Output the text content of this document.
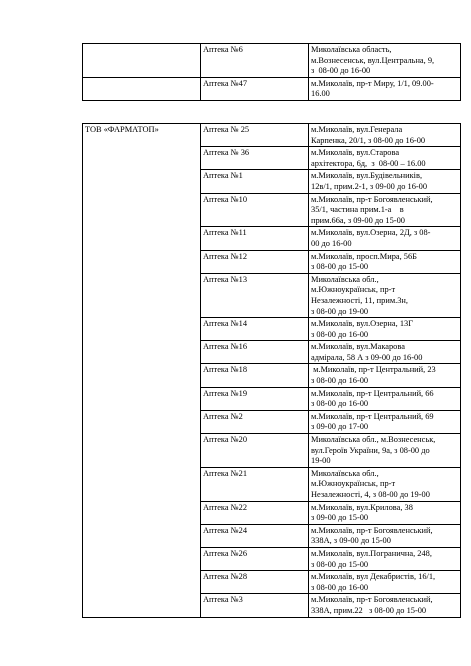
	Аптека №6	Миколаївська область,
м.Вознесенськ, вул.Центральна, 9,
з  08-00 до 16-00

	Аптека №47	м.Миколаїв, пр-т Миру, 1/1, 09.00-
16.00
ТОВ «ФАРМАТОП»	Аптека № 25	м.Миколаїв, вул.Генерала
Карпенка, 20/1, з 08-00 до 16-00

	Аптека № 36	м.Миколаїв, вул.Старова
архітектора, 6д,  з  08-00 – 16.00

	Аптека №1	м.Миколаїв, вул.Будівельників,
12в/1, прим.2-1, з 09-00 до 16-00

	Аптека №10	м.Миколаїв, пр-т Богоявленський,
35/1, частина прим.1-а    в
прим.66а, з 09-00 до 15-00

	Аптека №11	м.Миколаїв, вул.Озерна, 2Д, з 08-
00 до 16-00

	Аптека №12	м.Миколаїв, просп.Мира, 56Б
з 08-00 до 15-00

	Аптека №13	Миколаївська обл.,
м.Южноукраїнськ, пр-т
Незалежності, 11, прим.3н,
з 08-00 до 19-00

	Аптека №14	м.Миколаїв, вул.Озерна, 13Г
з 08-00 до 16-00

	Аптека №16	м.Миколаїв, вул.Макарова
адмірала, 58 А з 09-00 до 16-00

	Аптека №18	м.Миколаїв, пр-т Центральний, 23
з 08-00 до 16-00

	Аптека №19	м.Миколаїв, пр-т Центральний, 66
з 08-00 до 16-00

	Аптека №2	м.Миколаїв, пр-т Центральний, 69
з 09-00 до 17-00

	Аптека №20	Миколаївська обл., м.Вознесенськ,
вул.Героїв України, 9а, з 08-00 до
19-00

	Аптека №21	Миколаївська обл.,
м.Южноукраїнськ, пр-т
Незалежності, 4, з 08-00 до 19-00

	Аптека №22	м.Миколаїв, вул.Крилова, 38
з 09-00 до 15-00

	Аптека №24	м.Миколаїв, пр-т Богоявленський,
338А, з 09-00 до 15-00

	Аптека №26	м.Миколаїв, вул.Погранична, 248,
з 08-00 до 15-00

	Аптека №28	м.Миколаїв, вул Декабристів, 16/1,
з 08-00 до 16-00

	Аптека №3	м.Миколаїв, пр-т Богоявленський,
338А, прим.22   з 08-00 до 15-00
